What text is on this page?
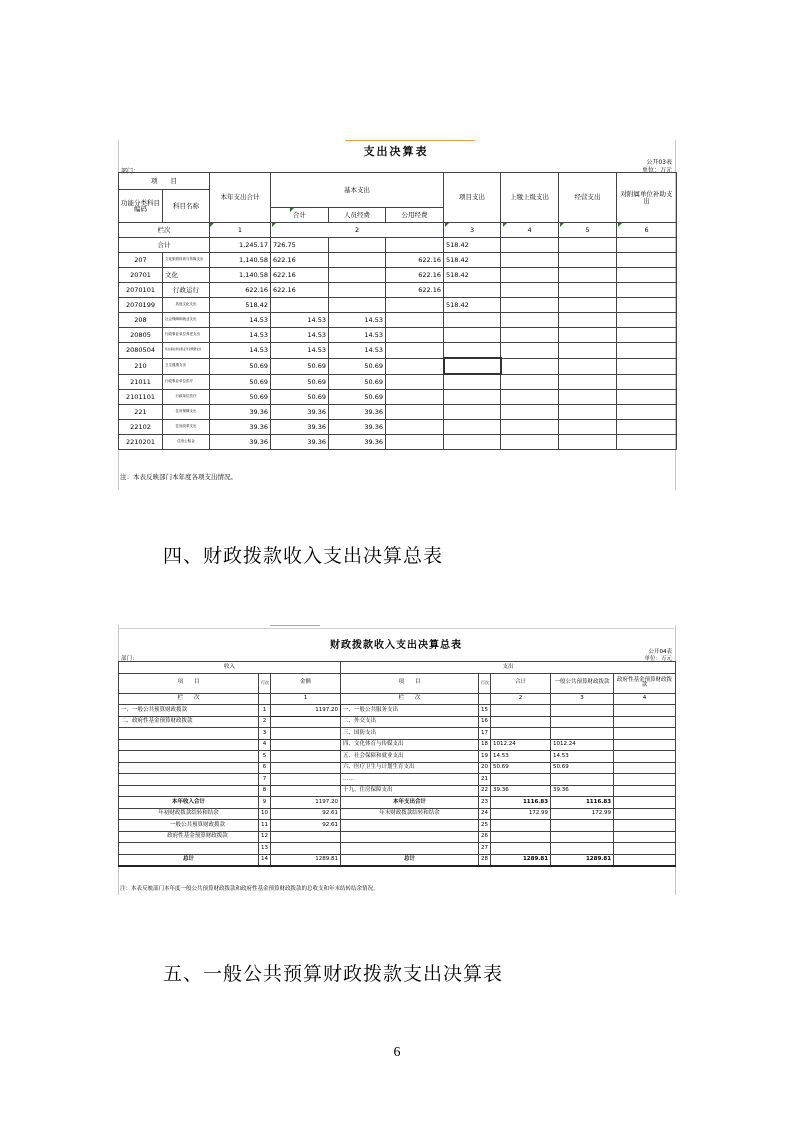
支出决算表
公开03表
单位：万元
部门：
项　　目		本年支出合计	基本支出			项目支出	上缴上级支出	经营支出	对附属单位补助支出
功能分类科目编码	科目名称								
			合计	人员经费	公用经费				
栏次		1	2			3	4	5	6
合计		1,245.17	726.75			518.42			
207	文化旅游体育与传媒支出	1,140.58	622.16		622.16	518.42			
20701	文化	1,140.58	622.16		622.16	518.42			
2070101	行政运行	622.16	622.16		622.16				
2070199	其他文化支出	518.42				518.42			
208	社会保障和就业支出	14.53	14.53	14.53					
20805	行政事业单位养老支出	14.53	14.53	14.53					
2080504	机关事业单位职业年金缴费支出	14.53	14.53	14.53					
210	卫生健康支出	50.69	50.69	50.69					
21011	行政事业单位医疗	50.69	50.69	50.69					
2101101	行政单位医疗	50.69	50.69	50.69					
221	住房保障支出	39.36	39.36	39.36					
22102	住房改革支出	39.36	39.36	39.36					
2210201	住房公积金	39.36	39.36	39.36					
注：本表反映部门本年度各项支出情况。
四、财政拨款收入支出决算总表
财政拨款收入支出决算总表
公开04表
单位：万元
部门：
收入			支出				
项　　目	行次	金额	项　　目	行次	合计	一般公共预算财政拨款	政府性基金预算财政拨款
栏　　次		1	栏　　次		2	3	4
一、一般公共预算财政拨款	1	1197.20	一、一般公共服务支出	15			
二、政府性基金预算财政拨款	2		二、外交支出	16			
	3		三、国防支出	17			
	4		四、文化体育与传媒支出	18	1012.24	1012.24	
	5		五、社会保障和就业支出	19	14.53	14.53	
	6		六、医疗卫生与计划生育支出	20	50.69	50.69	
	7		……	21			
	8		十九、住房保障支出	22	39.36	39.36	
本年收入合计	9	1197.20	本年支出合计	23	1116.83	1116.83	
年初财政拨款结转和结余	10	92.61	年末财政拨款结转和结余	24	172.99	172.99	
一般公共预算财政拨款	11	92.61		25			
政府性基金预算财政拨款	12			26			
	13			27			
总计	14	1289.81	总计	28	1289.81	1289.81	
注：本表反映部门本年度一般公共预算财政拨款和政府性基金预算财政拨款的总收支和年末结转结余情况。
五、一般公共预算财政拨款支出决算表
6
